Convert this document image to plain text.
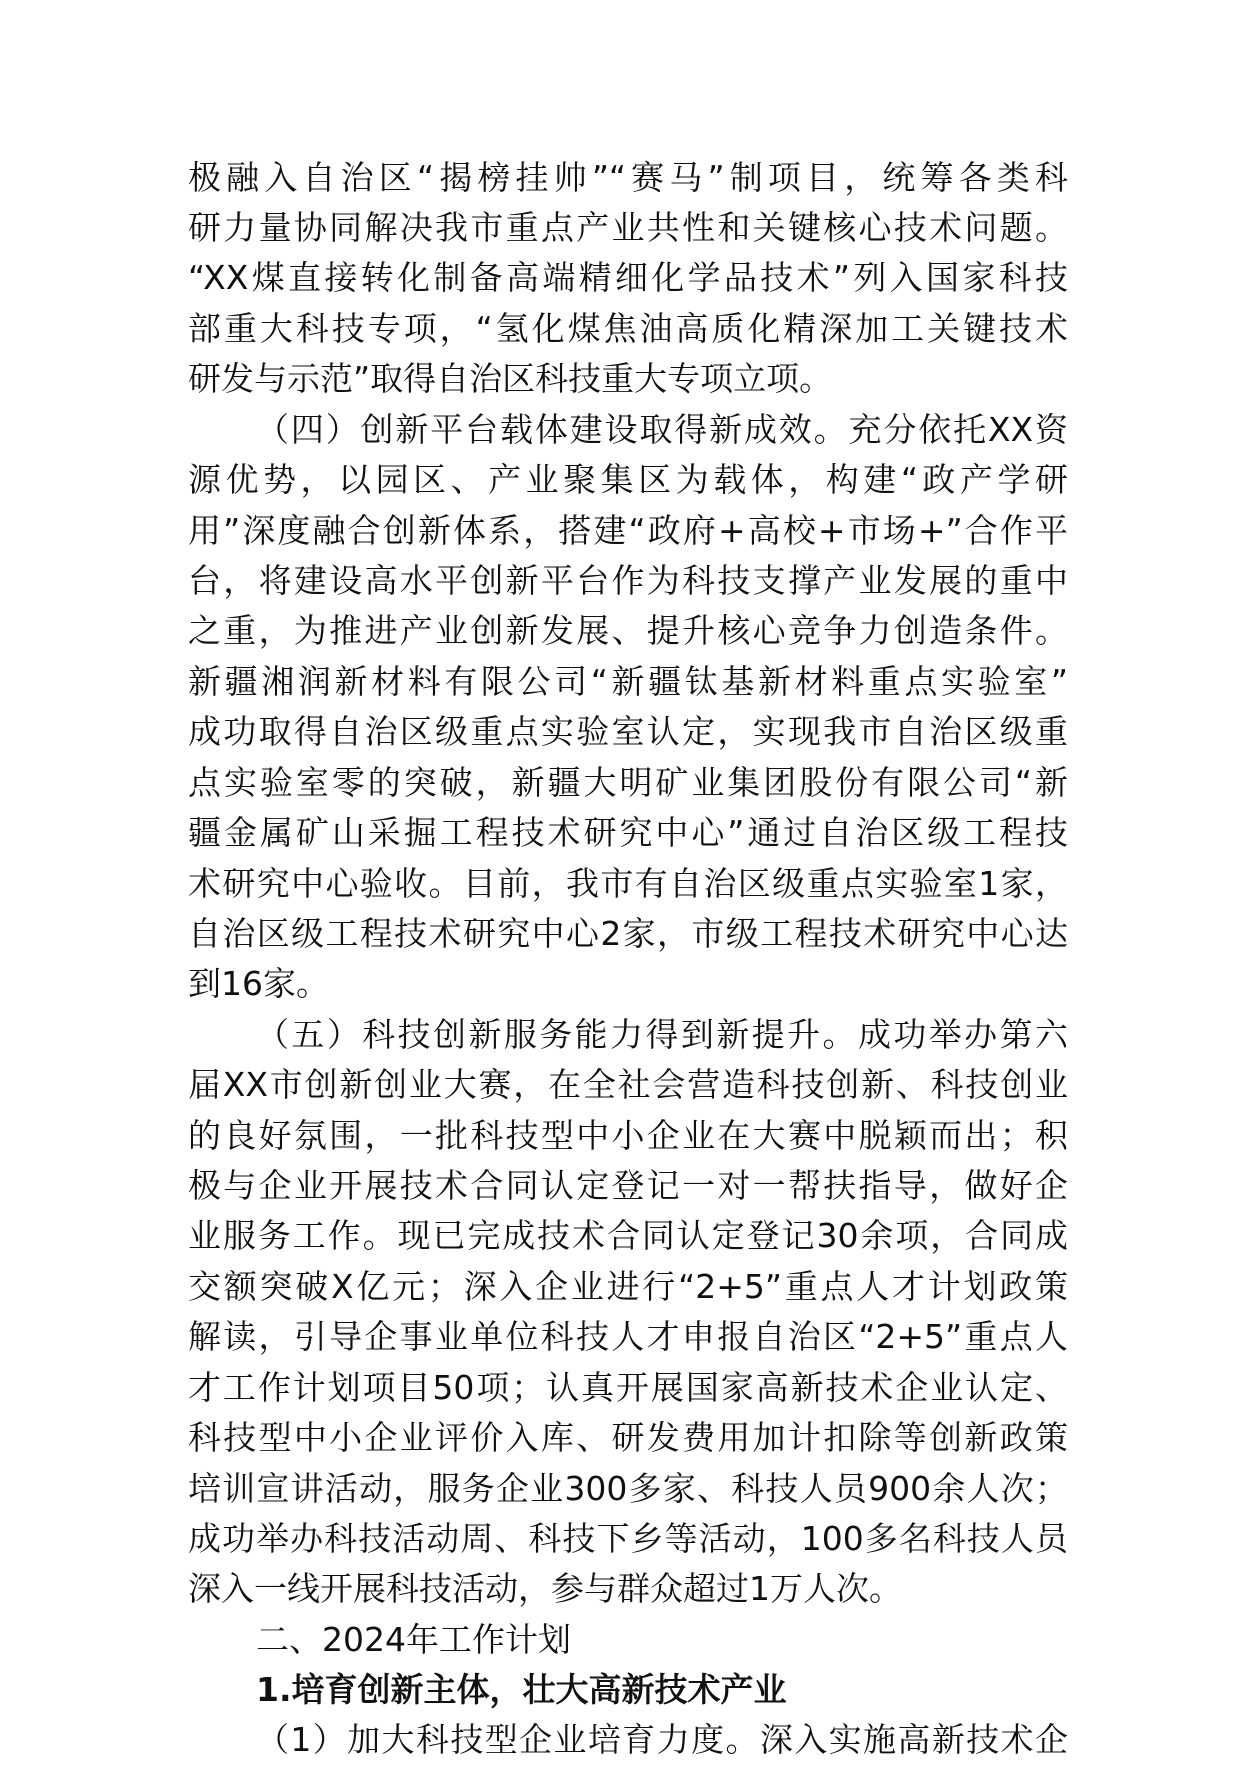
极融入自治区“揭榜挂帅”“赛马”制项目，统筹各类科
研力量协同解决我市重点产业共性和关键核心技术问题。
“XX煤直接转化制备高端精细化学品技术”列入国家科技
部重大科技专项，“氢化煤焦油高质化精深加工关键技术
研发与示范”取得自治区科技重大专项立项。
（四）创新平台载体建设取得新成效。充分依托XX资
源优势，以园区、产业聚集区为载体，构建“政产学研
用”深度融合创新体系，搭建“政府+高校+市场+”合作平
台，将建设高水平创新平台作为科技支撑产业发展的重中
之重，为推进产业创新发展、提升核心竞争力创造条件。
新疆湘润新材料有限公司“新疆钛基新材料重点实验室”
成功取得自治区级重点实验室认定，实现我市自治区级重
点实验室零的突破，新疆大明矿业集团股份有限公司“新
疆金属矿山采掘工程技术研究中心”通过自治区级工程技
术研究中心验收。目前，我市有自治区级重点实验室1家，
自治区级工程技术研究中心2家，市级工程技术研究中心达
到16家。
（五）科技创新服务能力得到新提升。成功举办第六
届XX市创新创业大赛，在全社会营造科技创新、科技创业
的良好氛围，一批科技型中小企业在大赛中脱颖而出；积
极与企业开展技术合同认定登记一对一帮扶指导，做好企
业服务工作。现已完成技术合同认定登记30余项，合同成
交额突破X亿元；深入企业进行“2+5”重点人才计划政策
解读，引导企事业单位科技人才申报自治区“2+5”重点人
才工作计划项目50项；认真开展国家高新技术企业认定、
科技型中小企业评价入库、研发费用加计扣除等创新政策
培训宣讲活动，服务企业300多家、科技人员900余人次；
成功举办科技活动周、科技下乡等活动，100多名科技人员
深入一线开展科技活动，参与群众超过1万人次。
二、2024年工作计划
1.培育创新主体，壮大高新技术产业
（1）加大科技型企业培育力度。深入实施高新技术企
